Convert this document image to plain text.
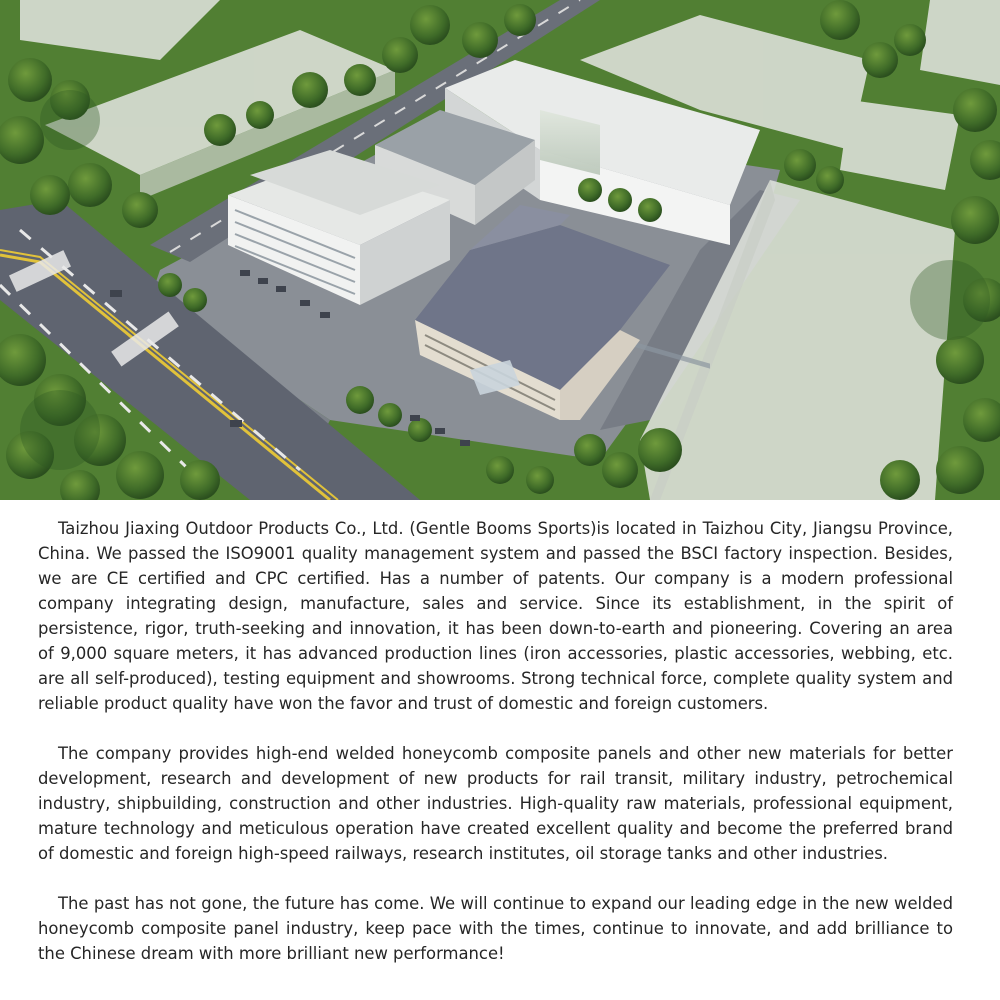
Taizhou Jiaxing Outdoor Products Co., Ltd. (Gentle Booms Sports)is located in Taizhou City, Jiangsu Province, China. We passed the ISO9001 quality management system and passed the BSCI factory inspection. Besides, we are CE certified and CPC certified. Has a number of patents. Our company is a modern professional company integrating design, manufacture, sales and service. Since its establishment, in the spirit of persistence, rigor, truth-seeking and innovation, it has been down-to-earth and pioneering. Covering an area of 9,000 square meters, it has advanced production lines (iron accessories, plastic accessories, webbing, etc. are all self-produced), testing equipment and showrooms. Strong technical force, complete quality system and reliable product quality have won the favor and trust of domestic and foreign customers.

The company provides high-end welded honeycomb composite panels and other new materials for better development, research and development of new products for rail transit, military industry, petrochemical industry, shipbuilding, construction and other industries. High-quality raw materials, professional equipment, mature technology and meticulous operation have created excellent quality and become the preferred brand of domestic and foreign high-speed railways, research institutes, oil storage tanks and other industries.

The past has not gone, the future has come. We will continue to expand our leading edge in the new welded honeycomb composite panel industry, keep pace with the times, continue to innovate, and add brilliance to the Chinese dream with more brilliant new performance!
